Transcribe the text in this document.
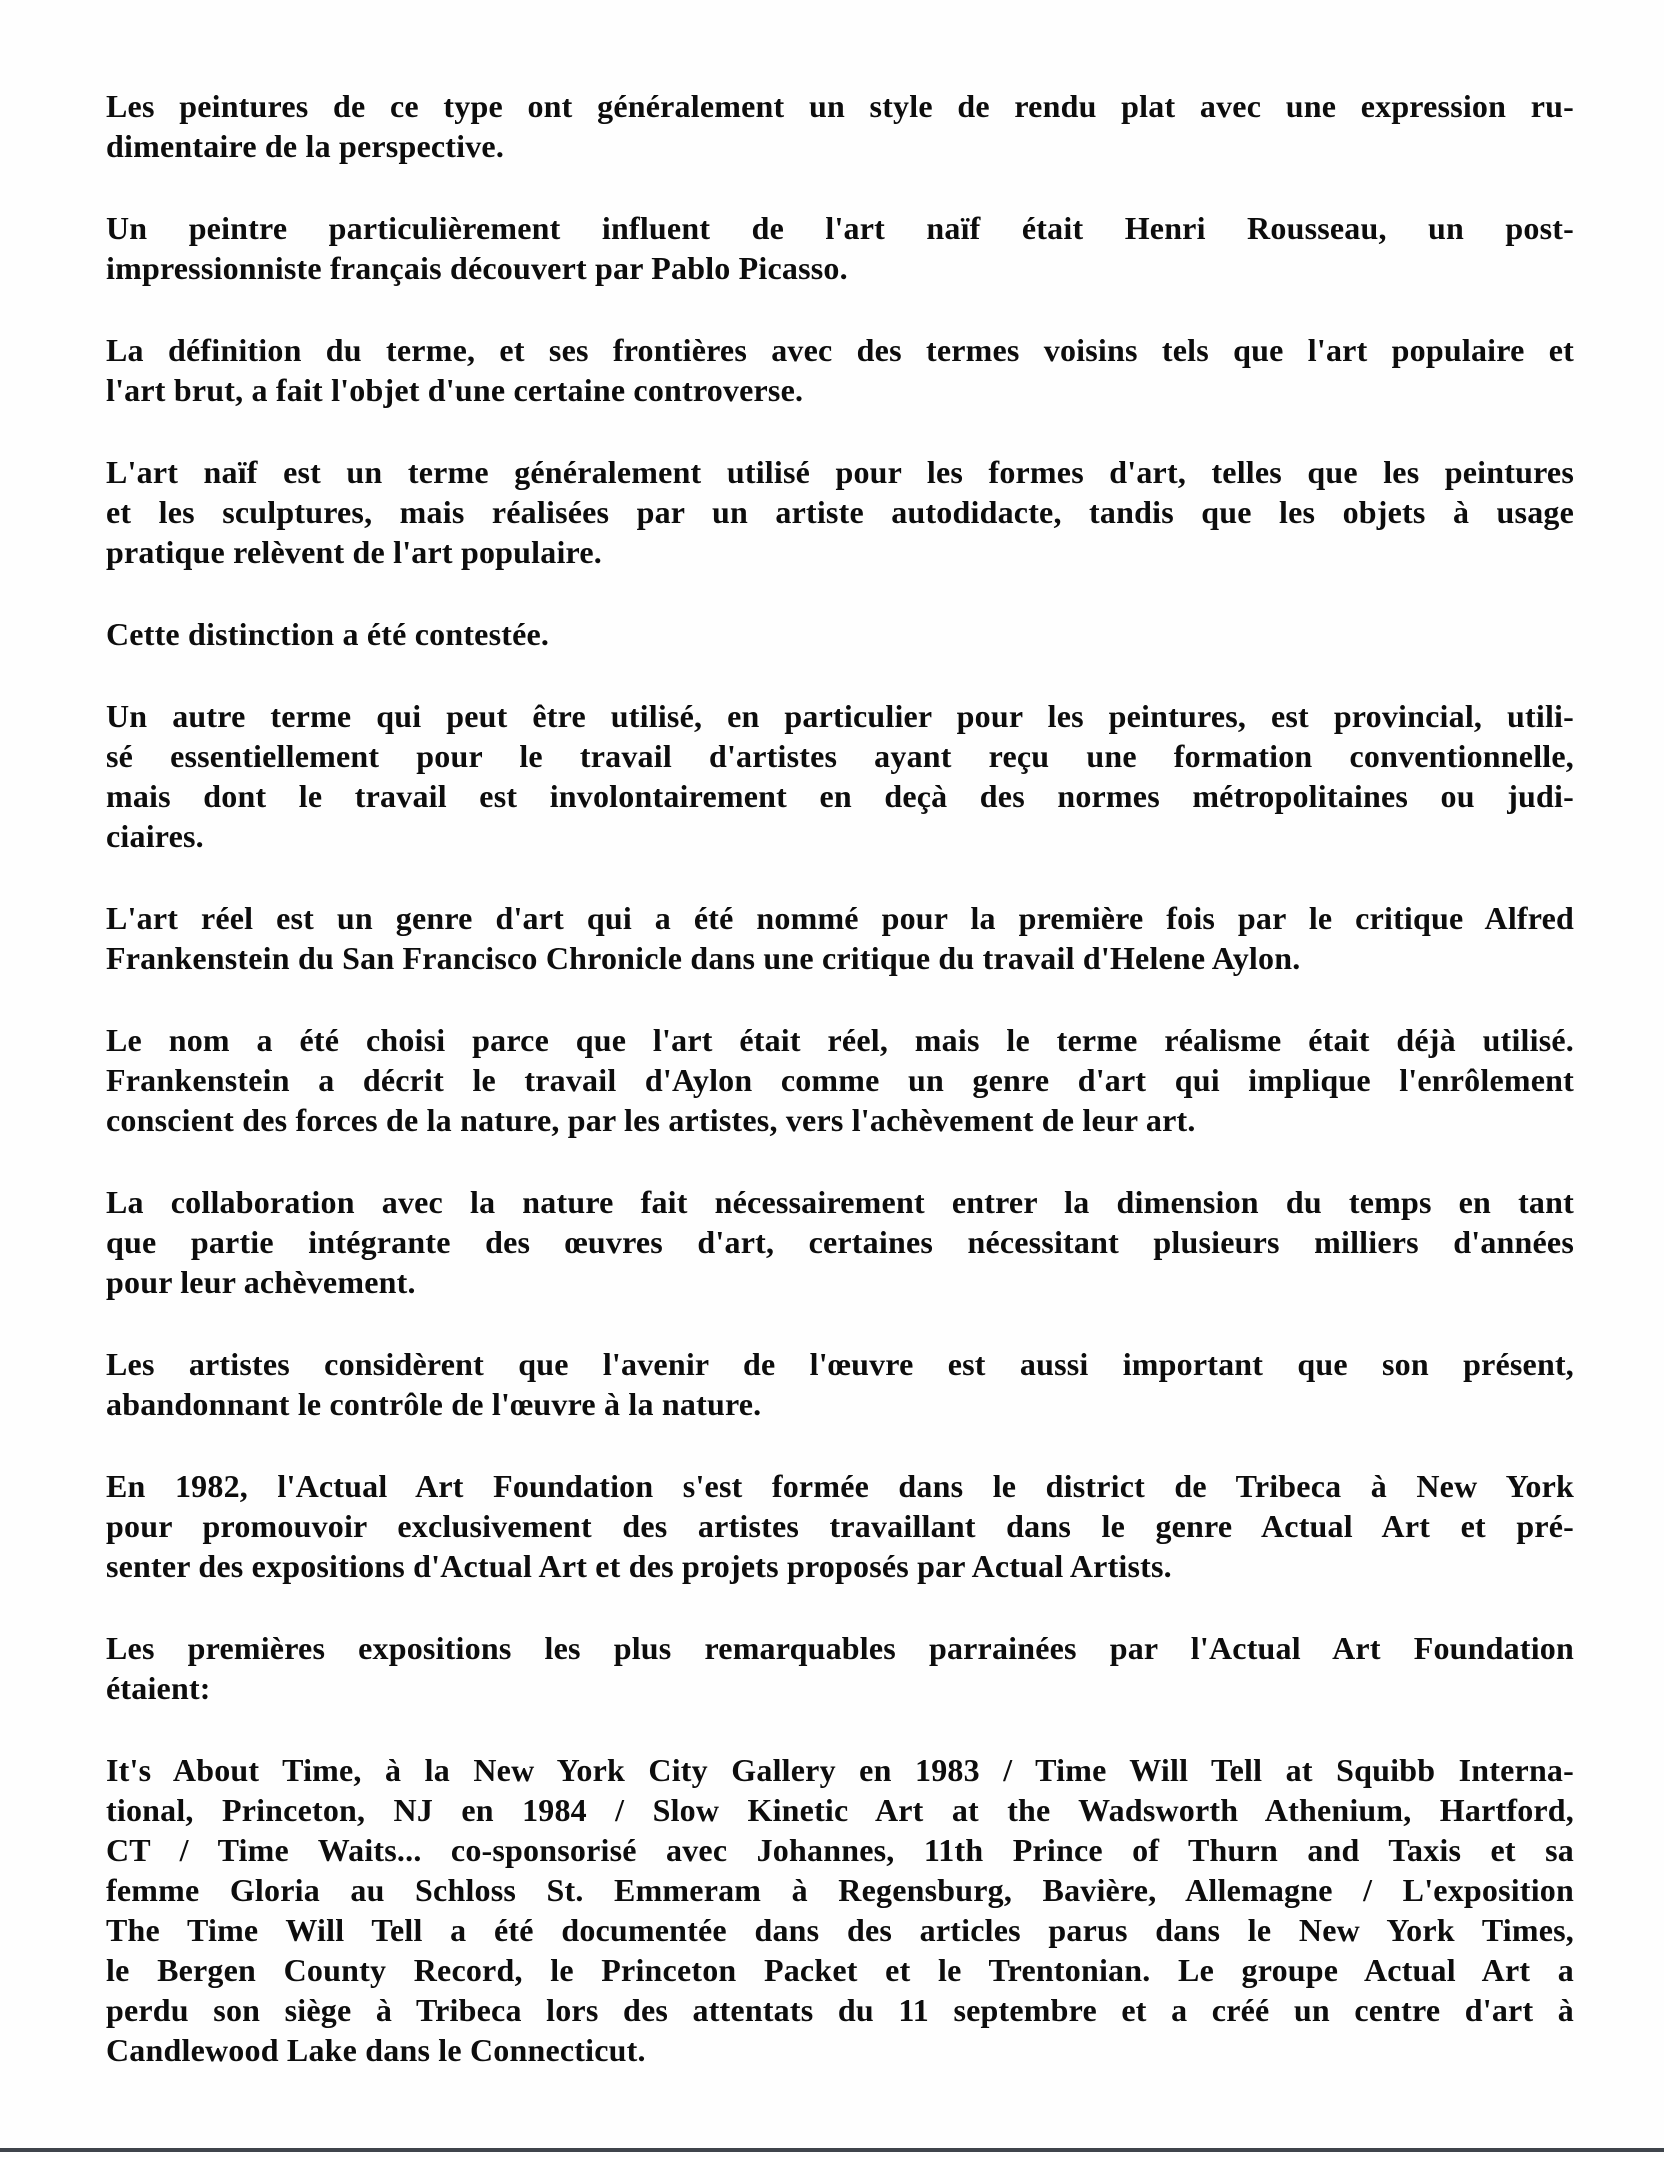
Les peintures de ce type ont généralement un style de rendu plat avec une expression ru-
dimentaire de la perspective.
Un peintre particulièrement influent de l'art naïf était Henri Rousseau, un post-
impressionniste français découvert par Pablo Picasso.
La définition du terme, et ses frontières avec des termes voisins tels que l'art populaire et
l'art brut, a fait l'objet d'une certaine controverse.
L'art naïf est un terme généralement utilisé pour les formes d'art, telles que les peintures
et les sculptures, mais réalisées par un artiste autodidacte, tandis que les objets à usage
pratique relèvent de l'art populaire.
Cette distinction a été contestée.
Un autre terme qui peut être utilisé, en particulier pour les peintures, est provincial, utili-
sé essentiellement pour le travail d'artistes ayant reçu une formation conventionnelle,
mais dont le travail est involontairement en deçà des normes métropolitaines ou judi-
ciaires.
L'art réel est un genre d'art qui a été nommé pour la première fois par le critique Alfred
Frankenstein du San Francisco Chronicle dans une critique du travail d'Helene Aylon.
Le nom a été choisi parce que l'art était réel, mais le terme réalisme était déjà utilisé.
Frankenstein a décrit le travail d'Aylon comme un genre d'art qui implique l'enrôlement
conscient des forces de la nature, par les artistes, vers l'achèvement de leur art.
La collaboration avec la nature fait nécessairement entrer la dimension du temps en tant
que partie intégrante des œuvres d'art, certaines nécessitant plusieurs milliers d'années
pour leur achèvement.
Les artistes considèrent que l'avenir de l'œuvre est aussi important que son présent,
abandonnant le contrôle de l'œuvre à la nature.
En 1982, l'Actual Art Foundation s'est formée dans le district de Tribeca à New York
pour promouvoir exclusivement des artistes travaillant dans le genre Actual Art et pré-
senter des expositions d'Actual Art et des projets proposés par Actual Artists.
Les premières expositions les plus remarquables parrainées par l'Actual Art Foundation
étaient:
It's About Time, à la New York City Gallery en 1983 / Time Will Tell at Squibb Interna-
tional, Princeton, NJ en 1984 / Slow Kinetic Art at the Wadsworth Athenium, Hartford,
CT / Time Waits... co-sponsorisé avec Johannes, 11th Prince of Thurn and Taxis et sa
femme Gloria au Schloss St. Emmeram à Regensburg, Bavière, Allemagne / L'exposition
The Time Will Tell a été documentée dans des articles parus dans le New York Times,
le Bergen County Record, le Princeton Packet et le Trentonian. Le groupe Actual Art a
perdu son siège à Tribeca lors des attentats du 11 septembre et a créé un centre d'art à
Candlewood Lake dans le Connecticut.
